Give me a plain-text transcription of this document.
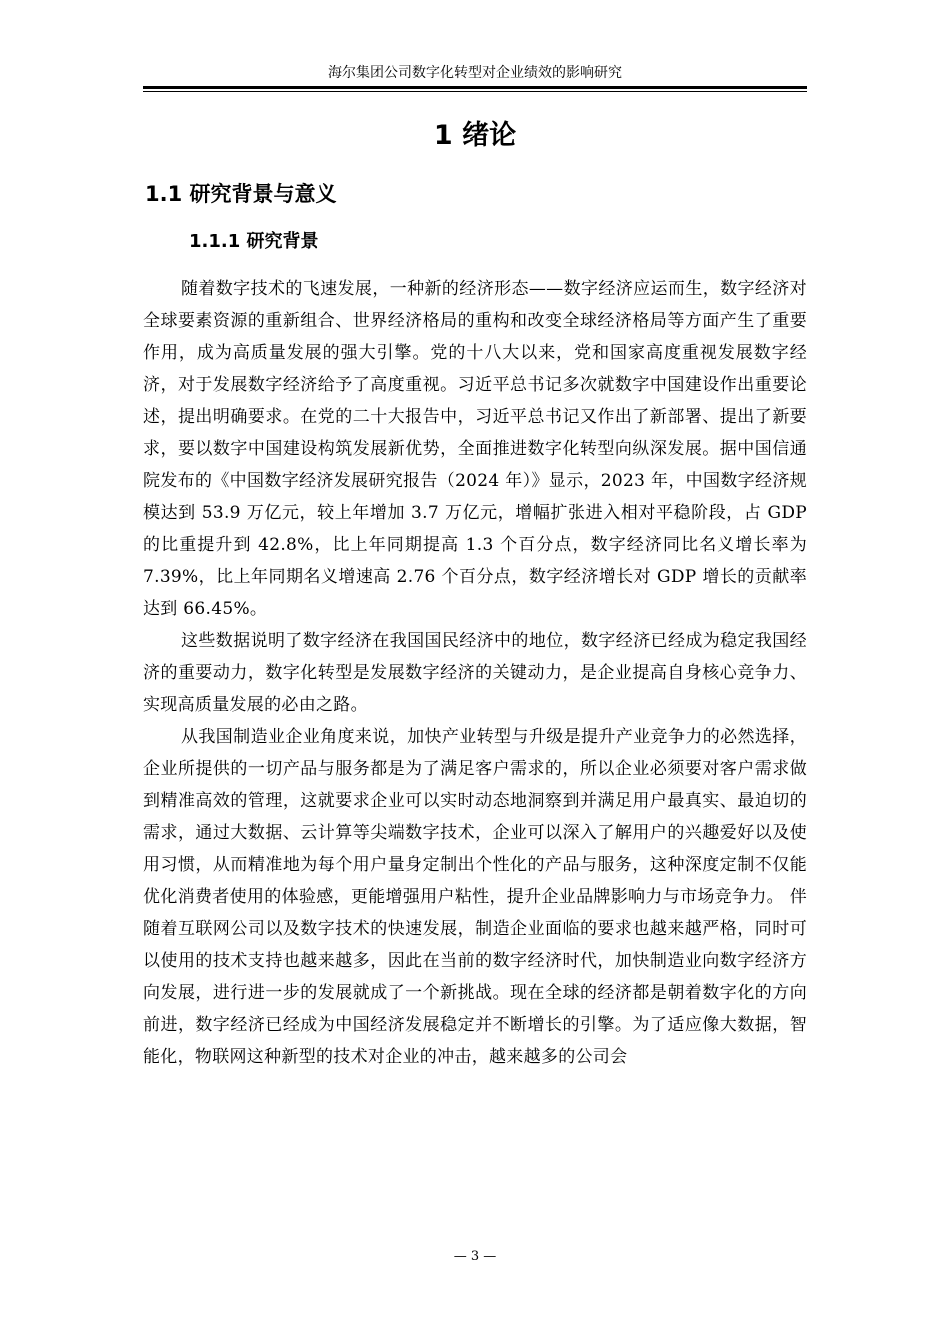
海尔集团公司数字化转型对企业绩效的影响研究
1 绪论
1.1 研究背景与意义
1.1.1 研究背景

随着数字技术的飞速发展，一种新的经济形态——数字经济应运而生，数字经济对全球要素资源的重新组合、世界经济格局的重构和改变全球经济格局等方面产生了重要作用，成为高质量发展的强大引擎。党的十八大以来，党和国家高度重视发展数字经济，对于发展数字经济给予了高度重视。习近平总书记多次就数字中国建设作出重要论述，提出明确要求。在党的二十大报告中，习近平总书记又作出了新部署、提出了新要求，要以数字中国建设构筑发展新优势，全面推进数字化转型向纵深发展。据中国信通院发布的《中国数字经济发展研究报告（2024 年）》显示，2023 年，中国数字经济规模达到 53.9 万亿元，较上年增加 3.7 万亿元，增幅扩张进入相对平稳阶段，占 GDP 的比重提升到 42.8%，比上年同期提高 1.3 个百分点，数字经济同比名义增长率为 7.39%，比上年同期名义增速高 2.76 个百分点，数字经济增长对 GDP 增长的贡献率达到 66.45%。

这些数据说明了数字经济在我国国民经济中的地位，数字经济已经成为稳定我国经济的重要动力，数字化转型是发展数字经济的关键动力，是企业提高自身核心竞争力、实现高质量发展的必由之路。

从我国制造业企业角度来说，加快产业转型与升级是提升产业竞争力的必然选择，企业所提供的一切产品与服务都是为了满足客户需求的，所以企业必须要对客户需求做到精准高效的管理，这就要求企业可以实时动态地洞察到并满足用户最真实、最迫切的需求，通过大数据、云计算等尖端数字技术，企业可以深入了解用户的兴趣爱好以及使用习惯，从而精准地为每个用户量身定制出个性化的产品与服务，这种深度定制不仅能优化消费者使用的体验感，更能增强用户粘性，提升企业品牌影响力与市场竞争力。 伴随着互联网公司以及数字技术的快速发展，制造企业面临的要求也越来越严格，同时可以使用的技术支持也越来越多，因此在当前的数字经济时代，加快制造业向数字经济方向发展，进行进一步的发展就成了一个新挑战。现在全球的经济都是朝着数字化的方向前进，数字经济已经成为中国经济发展稳定并不断增长的引擎。为了适应像大数据，智能化，物联网这种新型的技术对企业的冲击，越来越多的公司会

— 3 —
